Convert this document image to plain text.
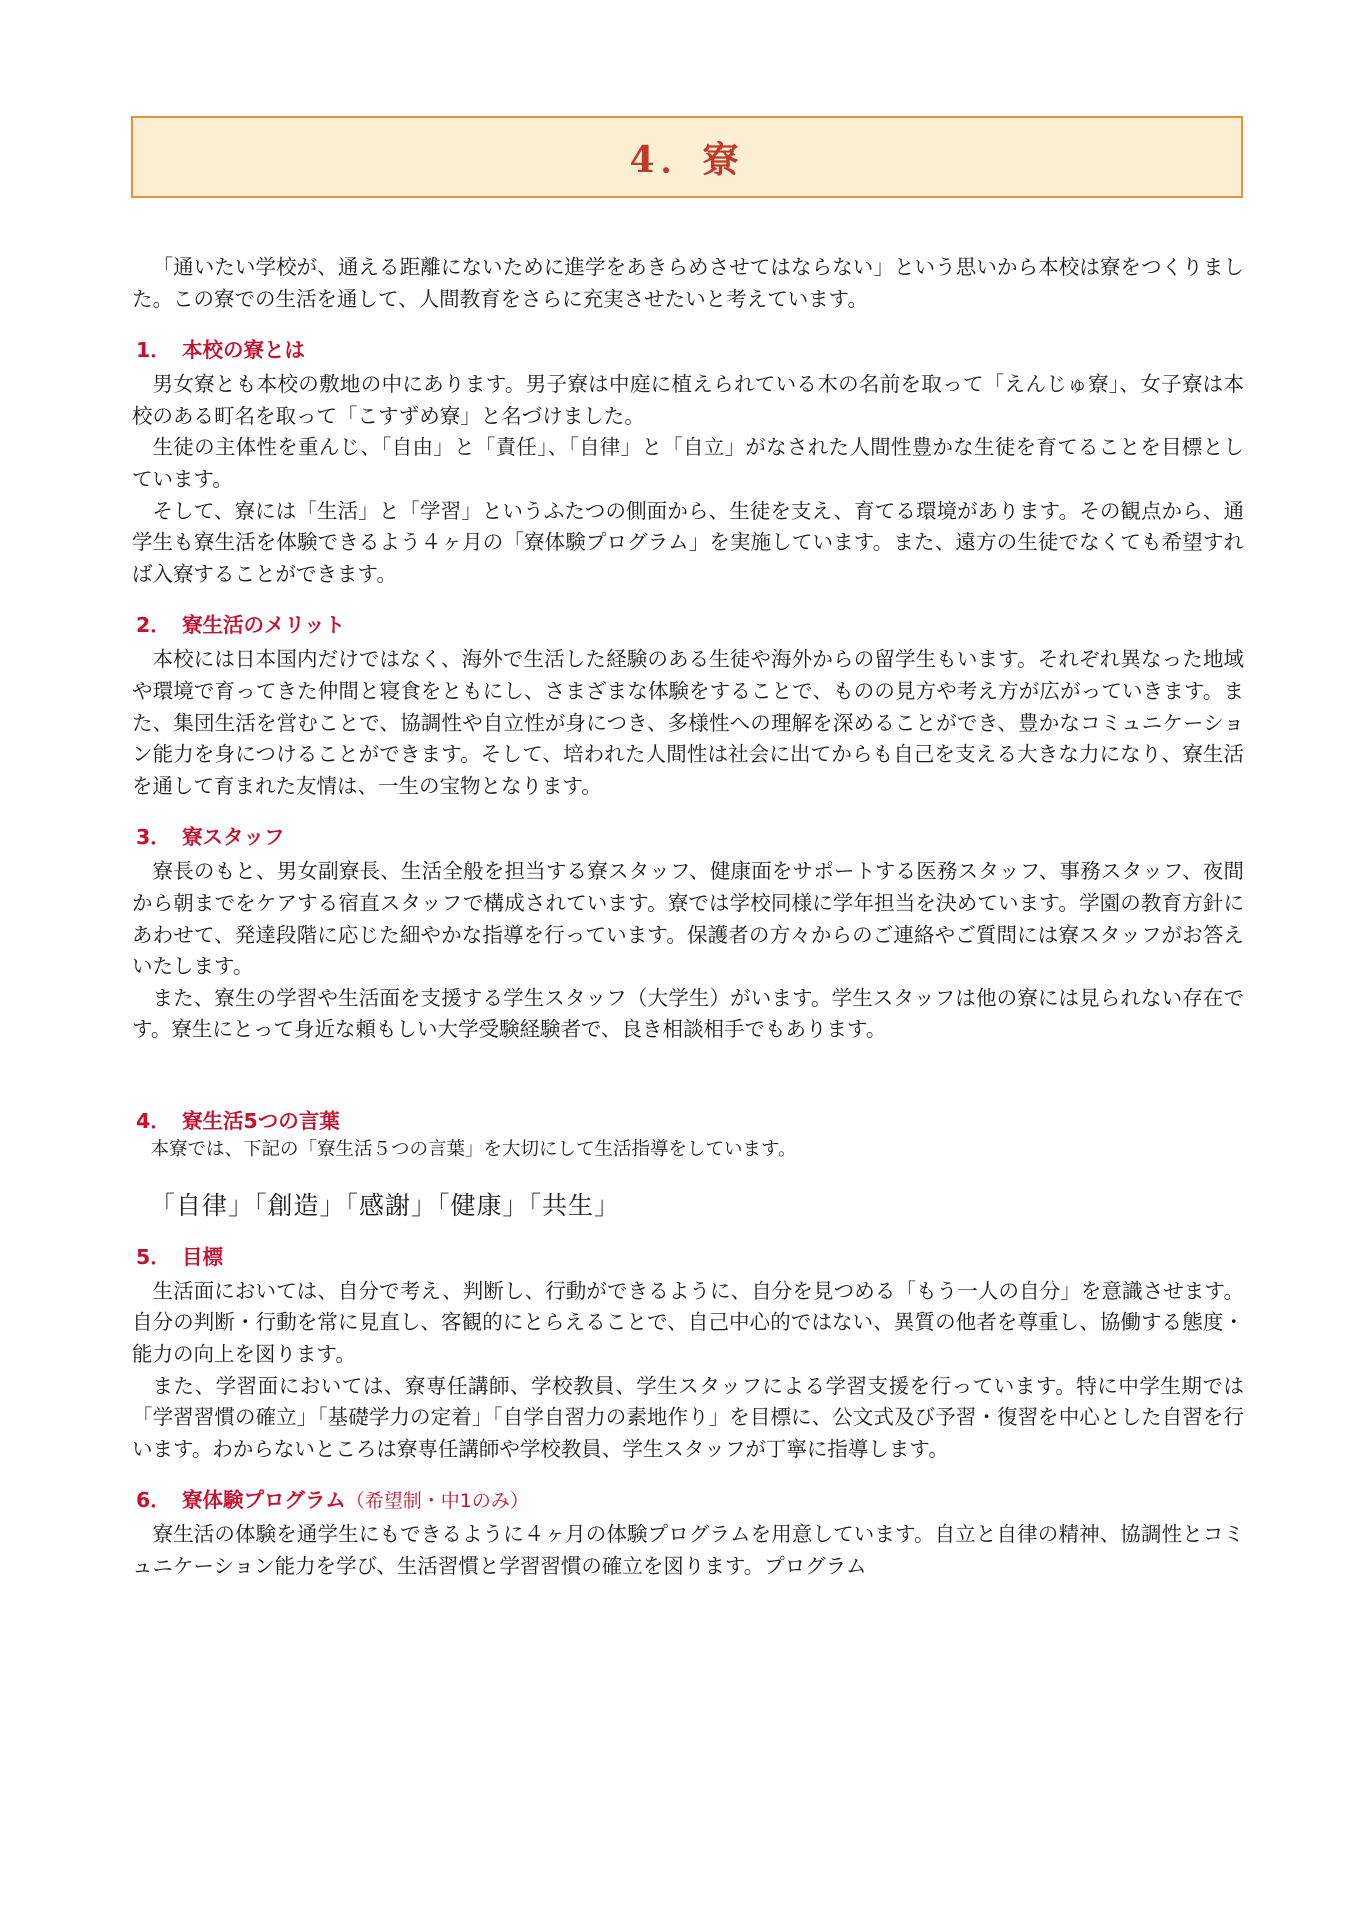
4．寮

「通いたい学校が、通える距離にないために進学をあきらめさせてはならない」という思いから本校は寮をつくりました。この寮での生活を通して、人間教育をさらに充実させたいと考えています。

1． 本校の寮とは

男女寮とも本校の敷地の中にあります。男子寮は中庭に植えられている木の名前を取って「えんじゅ寮」、女子寮は本校のある町名を取って「こすずめ寮」と名づけました。

生徒の主体性を重んじ、「自由」と「責任」、「自律」と「自立」がなされた人間性豊かな生徒を育てることを目標としています。

そして、寮には「生活」と「学習」というふたつの側面から、生徒を支え、育てる環境があります。その観点から、通学生も寮生活を体験できるよう４ヶ月の「寮体験プログラム」を実施しています。また、遠方の生徒でなくても希望すれば入寮することができます。

2． 寮生活のメリット

本校には日本国内だけではなく、海外で生活した経験のある生徒や海外からの留学生もいます。それぞれ異なった地域や環境で育ってきた仲間と寝食をともにし、さまざまな体験をすることで、ものの見方や考え方が広がっていきます。また、集団生活を営むことで、協調性や自立性が身につき、多様性への理解を深めることができ、豊かなコミュニケーション能力を身につけることができます。そして、培われた人間性は社会に出てからも自己を支える大きな力になり、寮生活を通して育まれた友情は、一生の宝物となります。

3． 寮スタッフ

寮長のもと、男女副寮長、生活全般を担当する寮スタッフ、健康面をサポートする医務スタッフ、事務スタッフ、夜間から朝までをケアする宿直スタッフで構成されています。寮では学校同様に学年担当を決めています。学園の教育方針にあわせて、発達段階に応じた細やかな指導を行っています。保護者の方々からのご連絡やご質問には寮スタッフがお答えいたします。

また、寮生の学習や生活面を支援する学生スタッフ（大学生）がいます。学生スタッフは他の寮には見られない存在です。寮生にとって身近な頼もしい大学受験経験者で、良き相談相手でもあります。

4． 寮生活5つの言葉

本寮では、下記の「寮生活５つの言葉」を大切にして生活指導をしています。

「自律」「創造」「感謝」「健康」「共生」
5． 目標

生活面においては、自分で考え、判断し、行動ができるように、自分を見つめる「もう一人の自分」を意識させます。自分の判断・行動を常に見直し、客観的にとらえることで、自己中心的ではない、異質の他者を尊重し、協働する態度・能力の向上を図ります。

また、学習面においては、寮専任講師、学校教員、学生スタッフによる学習支援を行っています。特に中学生期では「学習習慣の確立」「基礎学力の定着」「自学自習力の素地作り」を目標に、公文式及び予習・復習を中心とした自習を行います。わからないところは寮専任講師や学校教員、学生スタッフが丁寧に指導します。

6． 寮体験プログラム（希望制・中1のみ）

寮生活の体験を通学生にもできるように４ヶ月の体験プログラムを用意しています。自立と自律の精神、協調性とコミュニケーション能力を学び、生活習慣と学習習慣の確立を図ります。プログラム
